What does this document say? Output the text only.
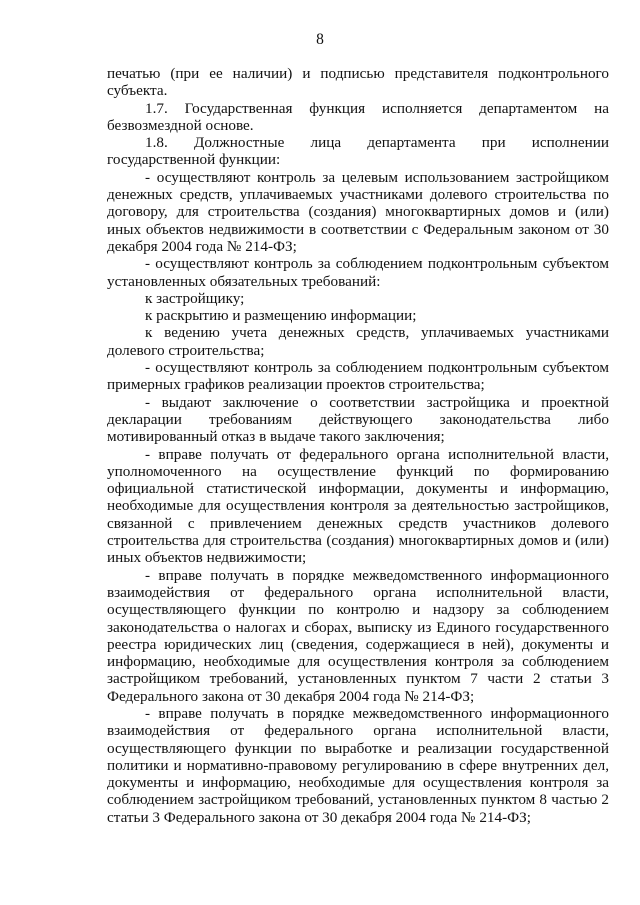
8

печатью (при ее наличии) и подписью представителя подконтрольного субъекта.

1.7. Государственная функция исполняется департаментом на безвозмездной основе.

1.8. Должностные лица департамента при исполнении государственной функции:

- осуществляют контроль за целевым использованием застройщиком денежных средств, уплачиваемых участниками долевого строительства по договору, для строительства (создания) многоквартирных домов и (или) иных объектов недвижимости в соответствии с Федеральным законом от 30 декабря 2004 года № 214-ФЗ;

- осуществляют контроль за соблюдением подконтрольным субъектом установленных обязательных требований:

к застройщику;

к раскрытию и размещению информации;

к ведению учета денежных средств, уплачиваемых участниками долевого строительства;

- осуществляют контроль за соблюдением подконтрольным субъектом примерных графиков реализации проектов строительства;

- выдают заключение о соответствии застройщика и проектной декларации требованиям действующего законодательства либо мотивированный отказ в выдаче такого заключения;

- вправе получать от федерального органа исполнительной власти, уполномоченного на осуществление функций по формированию официальной статистической информации, документы и информацию, необходимые для осуществления контроля за деятельностью застройщиков, связанной с привлечением денежных средств участников долевого строительства для строительства (создания) многоквартирных домов и (или) иных объектов недвижимости;

- вправе получать в порядке межведомственного информационного взаимодействия от федерального органа исполнительной власти, осуществляющего функции по контролю и надзору за соблюдением законодательства о налогах и сборах, выписку из Единого государственного реестра юридических лиц (сведения, содержащиеся в ней), документы и информацию, необходимые для осуществления контроля за соблюдением застройщиком требований, установленных пунктом 7 части 2 статьи 3 Федерального закона от 30 декабря 2004 года № 214-ФЗ;

- вправе получать в порядке межведомственного информационного взаимодействия от федерального органа исполнительной власти, осуществляющего функции по выработке и реализации государственной политики и нормативно-правовому регулированию в сфере внутренних дел, документы и информацию, необходимые для осуществления контроля за соблюдением застройщиком требований, установленных пунктом 8 частью 2 статьи 3 Федерального закона от 30 декабря 2004 года № 214-ФЗ;
